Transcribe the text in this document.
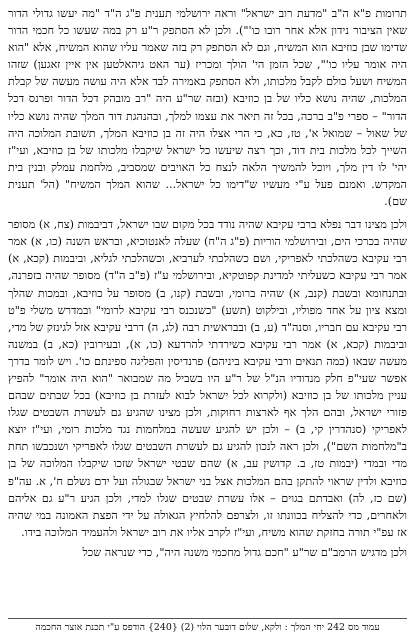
תרומות פ"א ה"ב "מדעת רוב ישראל" וראה ירושלמי תענית פ"ג ה"ד "מה יעשו גדולי הדור שאין הציבור נידון אלא אחר רובו כו'"). ולכן לא הסתפק ר"ע רק במה שעשו כל חכמי הדור שדימו שבן כוזיבא הוא המשיח, וגם לא הסתפק רק בזה שאמר עליו שהוא המשיח, אלא "הוא היה אומר עליו כו'", שכל הזמן הי' הולך ומכריז (ער האט גיהאלטען אין איין זאגען) שזהו המשיח ושעל כולם לקבל מלכותו, ולא הסתפק באמירה לבד אלא היה עושה מעשה של קבלת המלכות, שהיה נושא כליו של בן כוזיבא (ובזה שר"ע היה "רב מובהק דכל הדור ופרנס דכל הדור" – ספרי פ"ב ברכה, בכל זה תיאר את עצמו למלך, ובהנהגת דוד המלך שהיה נושא כליו של שאול – שמואל א', טז, כא, כי הרי אצלו היה זה בן כוזיבא המלך, תשובת המלוכה היה השייך לכל מלכות בית דוד, וכך רצה שיעשו כל ישראל שיקבלו מלכותו של בן כוזיבא, ועי"ז יהי' לו דין מלך, ויוכל להמשיך הלאה לנצח כל האויבים שמסביב, מלחמת עמלק ובנין בית המקדש. ואמנם פעל ע"י מעשיו ש"דימו כל ישראל... שהוא המלך המשיח" (הל' תענית שם).

ולכן מצינו דבר נפלא ברבי עקיבא שהיה נודד בכל מקום שבו ישראל, דביבמות (צח, א) מסופר שהיה בכרכי הים, ובירושלמי הוריות (פ"ג ה"ח) שעלה לאנטוכיא, ובראש השנה (כו, א) אמר רבי עקיבא כשהלכתי לאפריקי, ושם כשהלכתי לערביא, וכשהלכתי לגליא, וביבמות (קכא, א) אמר רבי עקיבא כשעליתי למדינת קפוטקיא, ובירושלמי ע"ז (פ"ב ה"ד) מסופר שהיה בזפרנה, ובתנחומא ובשבת (קנב, א) שהיה ברומי, ובשבת (קנו, ב) מסופר על כוזיבא, ובמכות שהלך ומצא ציון על אחד מפוליו, ובילקוט (תשע) "כשנכנס רבי עקיבא לרומי" ובמדרש משלי פ"ט רבי עקיבא עם חבריו, וסנה"ד (ע, ב) ובבראשית רבה (לג, ה) דרבי עקיבא אזל לגינזק של מדי, וביבמות (קכא, א) אמר רבי עקיבא כשירדתי להרדעא (כו, א), ובעירובין (כא, ב) במשנה מעשה שבאו (כמה תנאים ורבי עקיבא ביניהם) פרנדיסין והפליגה ספינתם כו'. ויש לומר בדרך אפשר שעי"פ חלק מנדודיו הנ"ל של ר"ע היו בשביל מה שמבואר "הוא היה אומר" להפיץ עניין מלכותו של בן כוזיבא (ולקרוא לכל ישראל לבוא לעזרת בן כוזיבא) בכל שבתים שבהם פזורי ישראל, ובהם הלך אף לארצות רחוקות, ולכן מצינו שהגיע גם לעשרת השבטים שגלו לאפריקי (סנהדרין קי, ב) – ולכן יש להגיע שעשה במלחמות נגד מלכות רומי, ועי"ז יוצא ב"מלחמות השם"), ולכן ראה לנכון להגיע גם לעשרת השבטים שגלו לאפריקי ושנכבשו תחת מדי ובמדי (יבמות טז, ב. קדושין עב, א) שהם שבטי ישראל שזכו שיקבלו המלוכה של בן כוזיבא ולדין שראוי להתקן בהם המלכות אצל בני ישראל שבגולה ועל ידם נשלם ח', א. עה"פ (שם כז, לה) ואבדתם בגוים – אלו עשרת שבטים שגלו למדי, ולכן הגיע ר"ע גם אליהם ולאחרים, כדי להצליח בכוונתו זו, ולצרפם להלחיץ הגאולה על ידי הפצת האמונה במי שהיה אז עפ"י תורה בחזקת שהוא משיח, ועי"ז לקרב אליו את רוב ישראל ולהעמיד המלוכה בידו.

ולכן מדגיש הרמב"ם שר"ע "חכם גדול מחכמי משנה היה", כדי שנראה שכל

עמוד מס 242 יחי המלך : ולקא, שלום דובער הלוי (2) {240} הודפס ע"י תכנת אוצר החכמה
